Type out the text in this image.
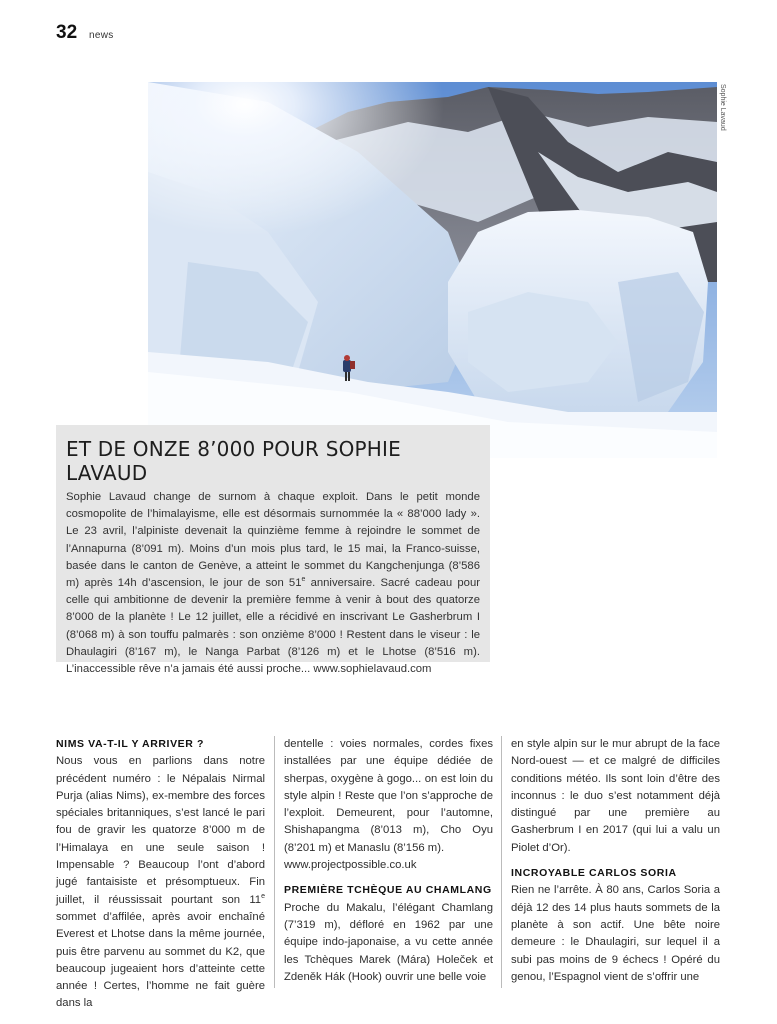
32 news
Sophie Lavaud
ET DE ONZE 8’000 POUR SOPHIE LAVAUD

Sophie Lavaud change de surnom à chaque exploit. Dans le petit monde cosmopolite de l’himalayisme, elle est désormais surnommée la « 88’000 lady ». Le 23 avril, l’alpiniste devenait la quinzième femme à rejoindre le sommet de l’Annapurna (8’091 m). Moins d’un mois plus tard, le 15 mai, la Franco-suisse, basée dans le canton de Genève, a atteint le sommet du Kangchenjunga (8’586 m) après 14h d’ascension, le jour de son 51e anniversaire. Sacré cadeau pour celle qui ambitionne de devenir la première femme à venir à bout des quatorze 8’000 de la planète ! Le 12 juillet, elle a récidivé en inscrivant Le Gasherbrum I (8’068 m) à son touffu palmarès : son onzième 8’000 ! Restent dans le viseur : le Dhaulagiri (8’167 m), le Nanga Parbat (8’126 m) et le Lhotse (8’516 m). L’inaccessible rêve n’a jamais été aussi proche... www.sophielavaud.com

NIMS VA-T-IL Y ARRIVER ?

Nous vous en parlions dans notre précédent numéro : le Népalais Nirmal Purja (alias Nims), ex-membre des forces spéciales britanniques, s’est lancé le pari fou de gravir les quatorze 8’000 m de l’Himalaya en une seule saison ! Impensable ? Beaucoup l’ont d’abord jugé fantaisiste et présomptueux. Fin juillet, il réussissait pourtant son 11e sommet d’affilée, après avoir enchaîné Everest et Lhotse dans la même journée, puis être parvenu au sommet du K2, que beaucoup jugeaient hors d’atteinte cette année ! Certes, l’homme ne fait guère dans la

dentelle : voies normales, cordes fixes installées par une équipe dédiée de sherpas, oxygène à gogo... on est loin du style alpin ! Reste que l’on s’approche de l’exploit. Demeurent, pour l’automne, Shishapangma (8’013 m), Cho Oyu (8’201 m) et Manaslu (8’156 m).

www.projectpossible.co.uk

PREMIÈRE TCHÈQUE AU CHAMLANG

Proche du Makalu, l’élégant Chamlang (7’319 m), défloré en 1962 par une équipe indo-japonaise, a vu cette année les Tchèques Marek (Mára) Holeček et Zdeněk Hák (Hook) ouvrir une belle voie

en style alpin sur le mur abrupt de la face Nord-ouest — et ce malgré de difficiles conditions météo. Ils sont loin d’être des inconnus : le duo s’est notamment déjà distingué par une première au Gasherbrum I en 2017 (qui lui a valu un Piolet d’Or).

INCROYABLE CARLOS SORIA

Rien ne l’arrête. À 80 ans, Carlos Soria a déjà 12 des 14 plus hauts sommets de la planète à son actif. Une bête noire demeure : le Dhaulagiri, sur lequel il a subi pas moins de 9 échecs ! Opéré du genou, l’Espagnol vient de s’offrir une
